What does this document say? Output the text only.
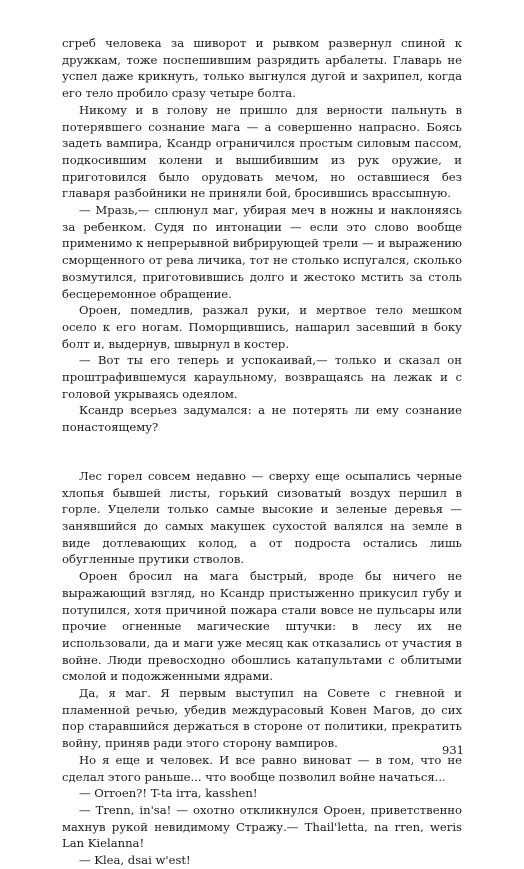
сгреб человека за шиворот и рывком развернул спиной к дружкам, тоже поспешившим разрядить арбалеты. Главарь не успел даже крикнуть, только выгнулся дугой и захрипел, когда его тело пробило сразу четыре болта.

Никому и в голову не пришло для верности пальнуть в потерявшего сознание мага — а совершенно напрасно. Боясь задеть вампира, Ксандр ограничился простым силовым пассом, подкосившим колени и вышибившим из рук оружие, и приготовился было орудовать мечом, но оставшиеся без главаря разбойники не приняли бой, бросившись врассыпную.

— Мразь,— сплюнул маг, убирая меч в ножны и наклоняясь за ребенком. Судя по интонации — если это слово вообще применимо к непрерывной вибрирующей трели — и выражению сморщенного от рева личика, тот не столько испугался, сколько возмутился, приготовившись долго и жестоко мстить за столь бесцеремонное обращение.

Ороен, помедлив, разжал руки, и мертвое тело мешком осело к его ногам. Поморщившись, нашарил засевший в боку болт и, выдернув, швырнул в костер.

— Вот ты его теперь и успокаивай,— только и сказал он проштрафившемуся караульному, возвращаясь на лежак и с головой укрываясь одеялом.

Ксандр всерьез задумался: а не потерять ли ему сознание понастоящему?

Лес горел совсем недавно — сверху еще осыпались черные хлопья бывшей листы, горький сизоватый воздух першил в горле. Уцелели только самые высокие и зеленые деревья — занявшийся до самых макушек сухостой валялся на земле в виде дотлевающих колод, а от подроста остались лишь обугленные прутики стволов.

Ороен бросил на мага быстрый, вроде бы ничего не выражающий взгляд, но Ксандр пристыженно прикусил губу и потупился, хотя причиной пожара стали вовсе не пульсары или прочие огненные магические штучки: в лесу их не использовали, да и маги уже месяц как отказались от участия в войне. Люди превосходно обошлись катапультами с облитыми смолой и подожженными ядрами.

Да, я маг. Я первым выступил на Совете с гневной и пламенной речью, убедив междурасовый Ковен Магов, до сих пор старавшийся держаться в стороне от политики, прекратить войну, приняв ради этого сторону вампиров.

Но я еще и человек. И все равно виноват — в том, что не сделал этого раньше... что вообще позволил войне начаться...

— Orroen?! T-ta irra, kasshen!

— Trenn, in'sa! — охотно откликнулся Ороен, приветственно махнув рукой невидимому Стражу.— Thail'letta, na rren, weris Lan Kielanna!

— Klea, dsai w'est!

931
